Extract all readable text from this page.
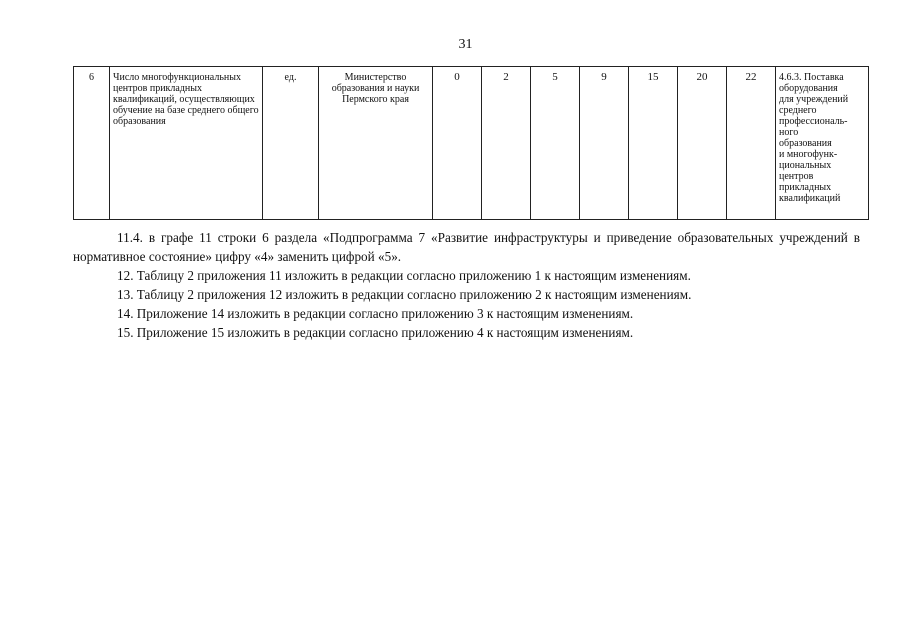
31
6	Число многофункциональных центров прикладных квалификаций, осуществляющих обучение на базе среднего общего образования	ед.	Министерство образования и науки Пермского края	0	2	5	9	15	20	22	4.6.3. Поставка
оборудования
для учреждений
среднего
профессиональ-
ного
образования
и многофунк-
циональных
центров
прикладных
квалификаций

11.4. в графе 11 строки 6 раздела «Подпрограмма 7 «Развитие инфраструктуры и приведение образовательных учреждений в нормативное состояние» цифру «4» заменить цифрой «5».

12. Таблицу 2 приложения 11 изложить в редакции согласно приложению 1 к настоящим изменениям.

13. Таблицу 2 приложения 12 изложить в редакции согласно приложению 2 к настоящим изменениям.

14. Приложение 14 изложить в редакции согласно приложению 3 к настоящим изменениям.

15. Приложение 15 изложить в редакции согласно приложению 4 к настоящим изменениям.
